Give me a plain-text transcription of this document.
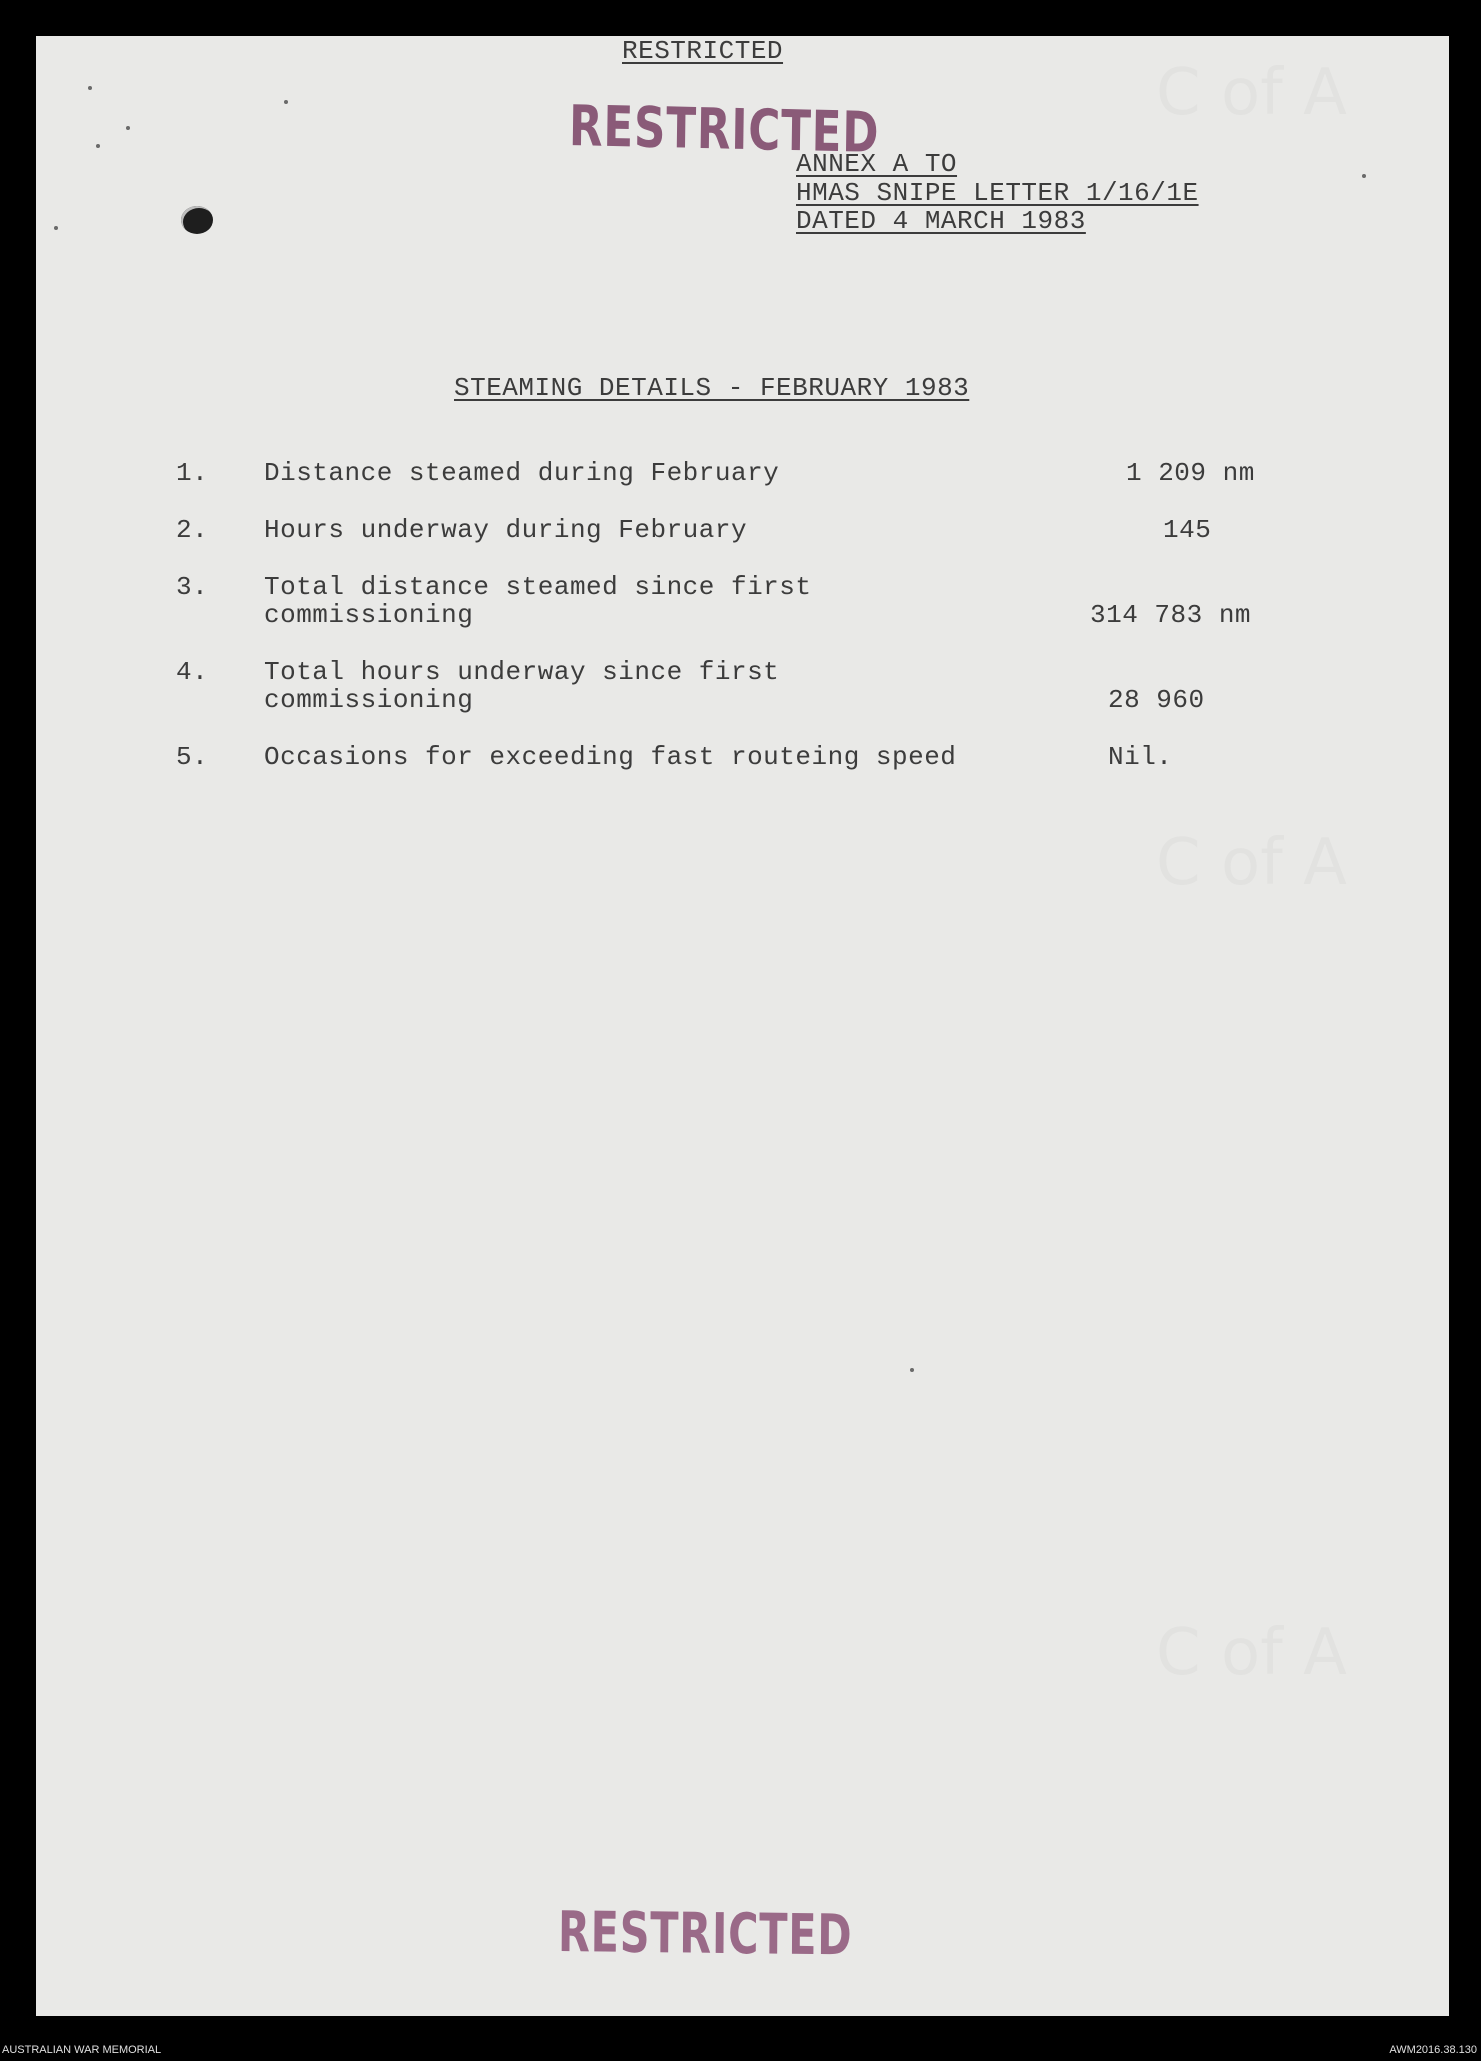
C of A
C of A
C of A
RESTRICTED
RESTRICTED
ANNEX A TO
HMAS SNIPE LETTER 1/16/1E
DATED 4 MARCH 1983
STEAMING DETAILS - FEBRUARY 1983
1. Distance steamed during February	1 209 nm
2. Hours underway during February	145
3. Total distance steamed since first
commissioning	314 783 nm
4. Total hours underway since first
commissioning	28 960
5. Occasions for exceeding fast routeing speed	Nil.
RESTRICTED
AUSTRALIAN WAR MEMORIAL	AWM2016.38.130
